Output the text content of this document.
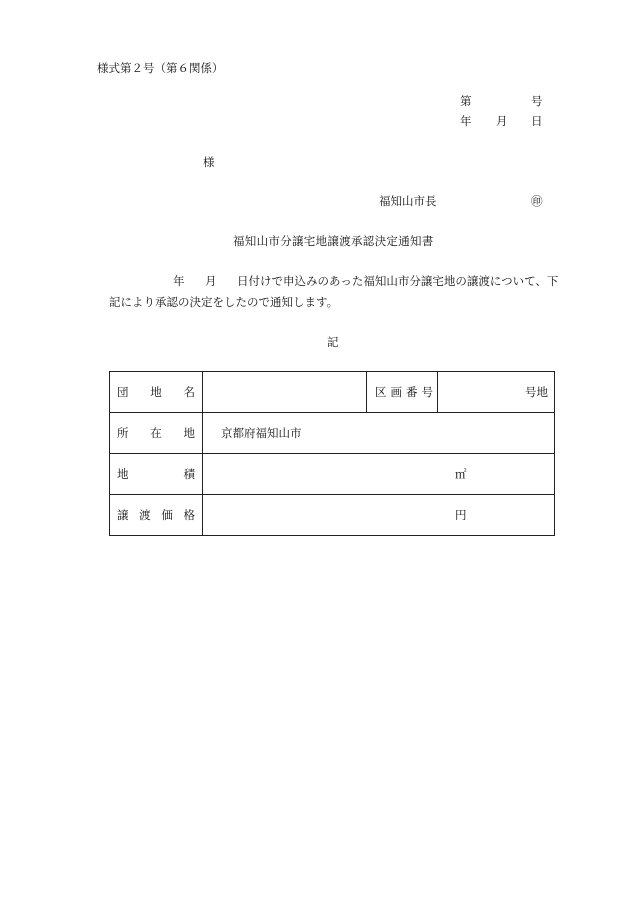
様式第２号（第６関係）
第	号
年 月 日
様
福知山市長	㊞
福知山市分譲宅地譲渡承認決定通知書
年 月 日付けで申込みのあった福知山市分譲宅地の譲渡について、下
記により承認の決定をしたので通知します。
記
団 地 名		区画番号	号地

所 在 地	京都府福知山市		

地 積	㎡		

譲 渡 価 格	円		
